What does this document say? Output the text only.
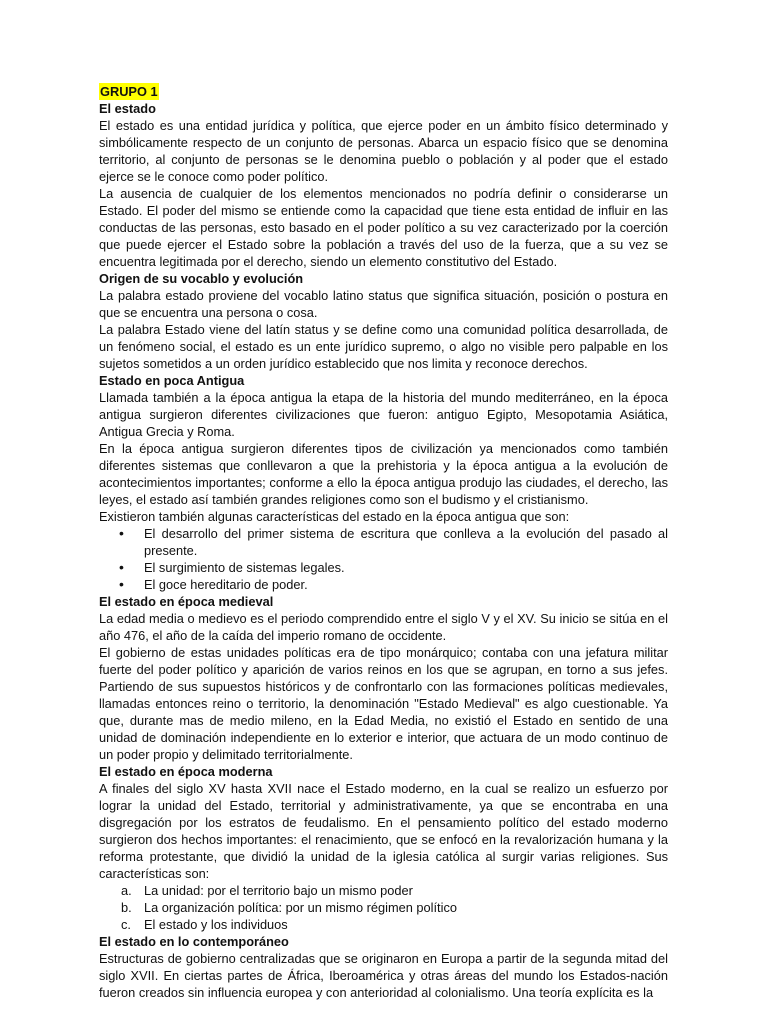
GRUPO 1
El estado

El estado es una entidad jurídica y política, que ejerce poder en un ámbito físico determinado y simbólicamente respecto de un conjunto de personas. Abarca un espacio físico que se denomina territorio, al conjunto de personas se le denomina pueblo o población y al poder que el estado ejerce se le conoce como poder político.

La ausencia de cualquier de los elementos mencionados no podría definir o considerarse un Estado. El poder del mismo se entiende como la capacidad que tiene esta entidad de influir en las conductas de las personas, esto basado en el poder político a su vez caracterizado por la coerción que puede ejercer el Estado sobre la población a través del uso de la fuerza, que a su vez se encuentra legitimada por el derecho, siendo un elemento constitutivo del Estado.

Origen de su vocablo y evolución

La palabra estado proviene del vocablo latino status que significa situación, posición o postura en que se encuentra una persona o cosa.

La palabra Estado viene del latín status y se define como una comunidad política desarrollada, de un fenómeno social, el estado es un ente jurídico supremo, o algo no visible pero palpable en los sujetos sometidos a un orden jurídico establecido que nos limita y reconoce derechos.

Estado en poca Antigua

Llamada también a la época antigua la etapa de la historia del mundo mediterráneo, en la época antigua surgieron diferentes civilizaciones que fueron: antiguo Egipto, Mesopotamia Asiática, Antigua Grecia y Roma.

En la época antigua surgieron diferentes tipos de civilización ya mencionados como también diferentes sistemas que conllevaron a que la prehistoria y la época antigua a la evolución de acontecimientos importantes; conforme a ello la época antigua produjo las ciudades, el derecho, las leyes, el estado así también grandes religiones como son el budismo y el cristianismo.

Existieron también algunas características del estado en la época antigua que son:

• El desarrollo del primer sistema de escritura que conlleva a la evolución del pasado al presente.
• El surgimiento de sistemas legales.
• El goce hereditario de poder.
El estado en época medieval

La edad media o medievo es el periodo comprendido entre el siglo V y el XV. Su inicio se sitúa en el año 476, el año de la caída del imperio romano de occidente.

El gobierno de estas unidades políticas era de tipo monárquico; contaba con una jefatura militar fuerte del poder político y aparición de varios reinos en los que se agrupan, en torno a sus jefes. Partiendo de sus supuestos históricos y de confrontarlo con las formaciones políticas medievales, llamadas entonces reino o territorio, la denominación "Estado Medieval" es algo cuestionable. Ya que, durante mas de medio mileno, en la Edad Media, no existió el Estado en sentido de una unidad de dominación independiente en lo exterior e interior, que actuara de un modo continuo de un poder propio y delimitado territorialmente.

El estado en época moderna

A finales del siglo XV hasta XVII nace el Estado moderno, en la cual se realizo un esfuerzo por lograr la unidad del Estado, territorial y administrativamente, ya que se encontraba en una disgregación por los estratos de feudalismo. En el pensamiento político del estado moderno surgieron dos hechos importantes: el renacimiento, que se enfocó en la revalorización humana y la reforma protestante, que dividió la unidad de la iglesia católica al surgir varias religiones. Sus características son:

a. La unidad: por el territorio bajo un mismo poder
b. La organización política: por un mismo régimen político
c. El estado y los individuos
El estado en lo contemporáneo

Estructuras de gobierno centralizadas que se originaron en Europa a partir de la segunda mitad del siglo XVII. En ciertas partes de África, Iberoamérica y otras áreas del mundo los Estados-nación fueron creados sin influencia europea y con anterioridad al colonialismo. Una teoría explícita es la
